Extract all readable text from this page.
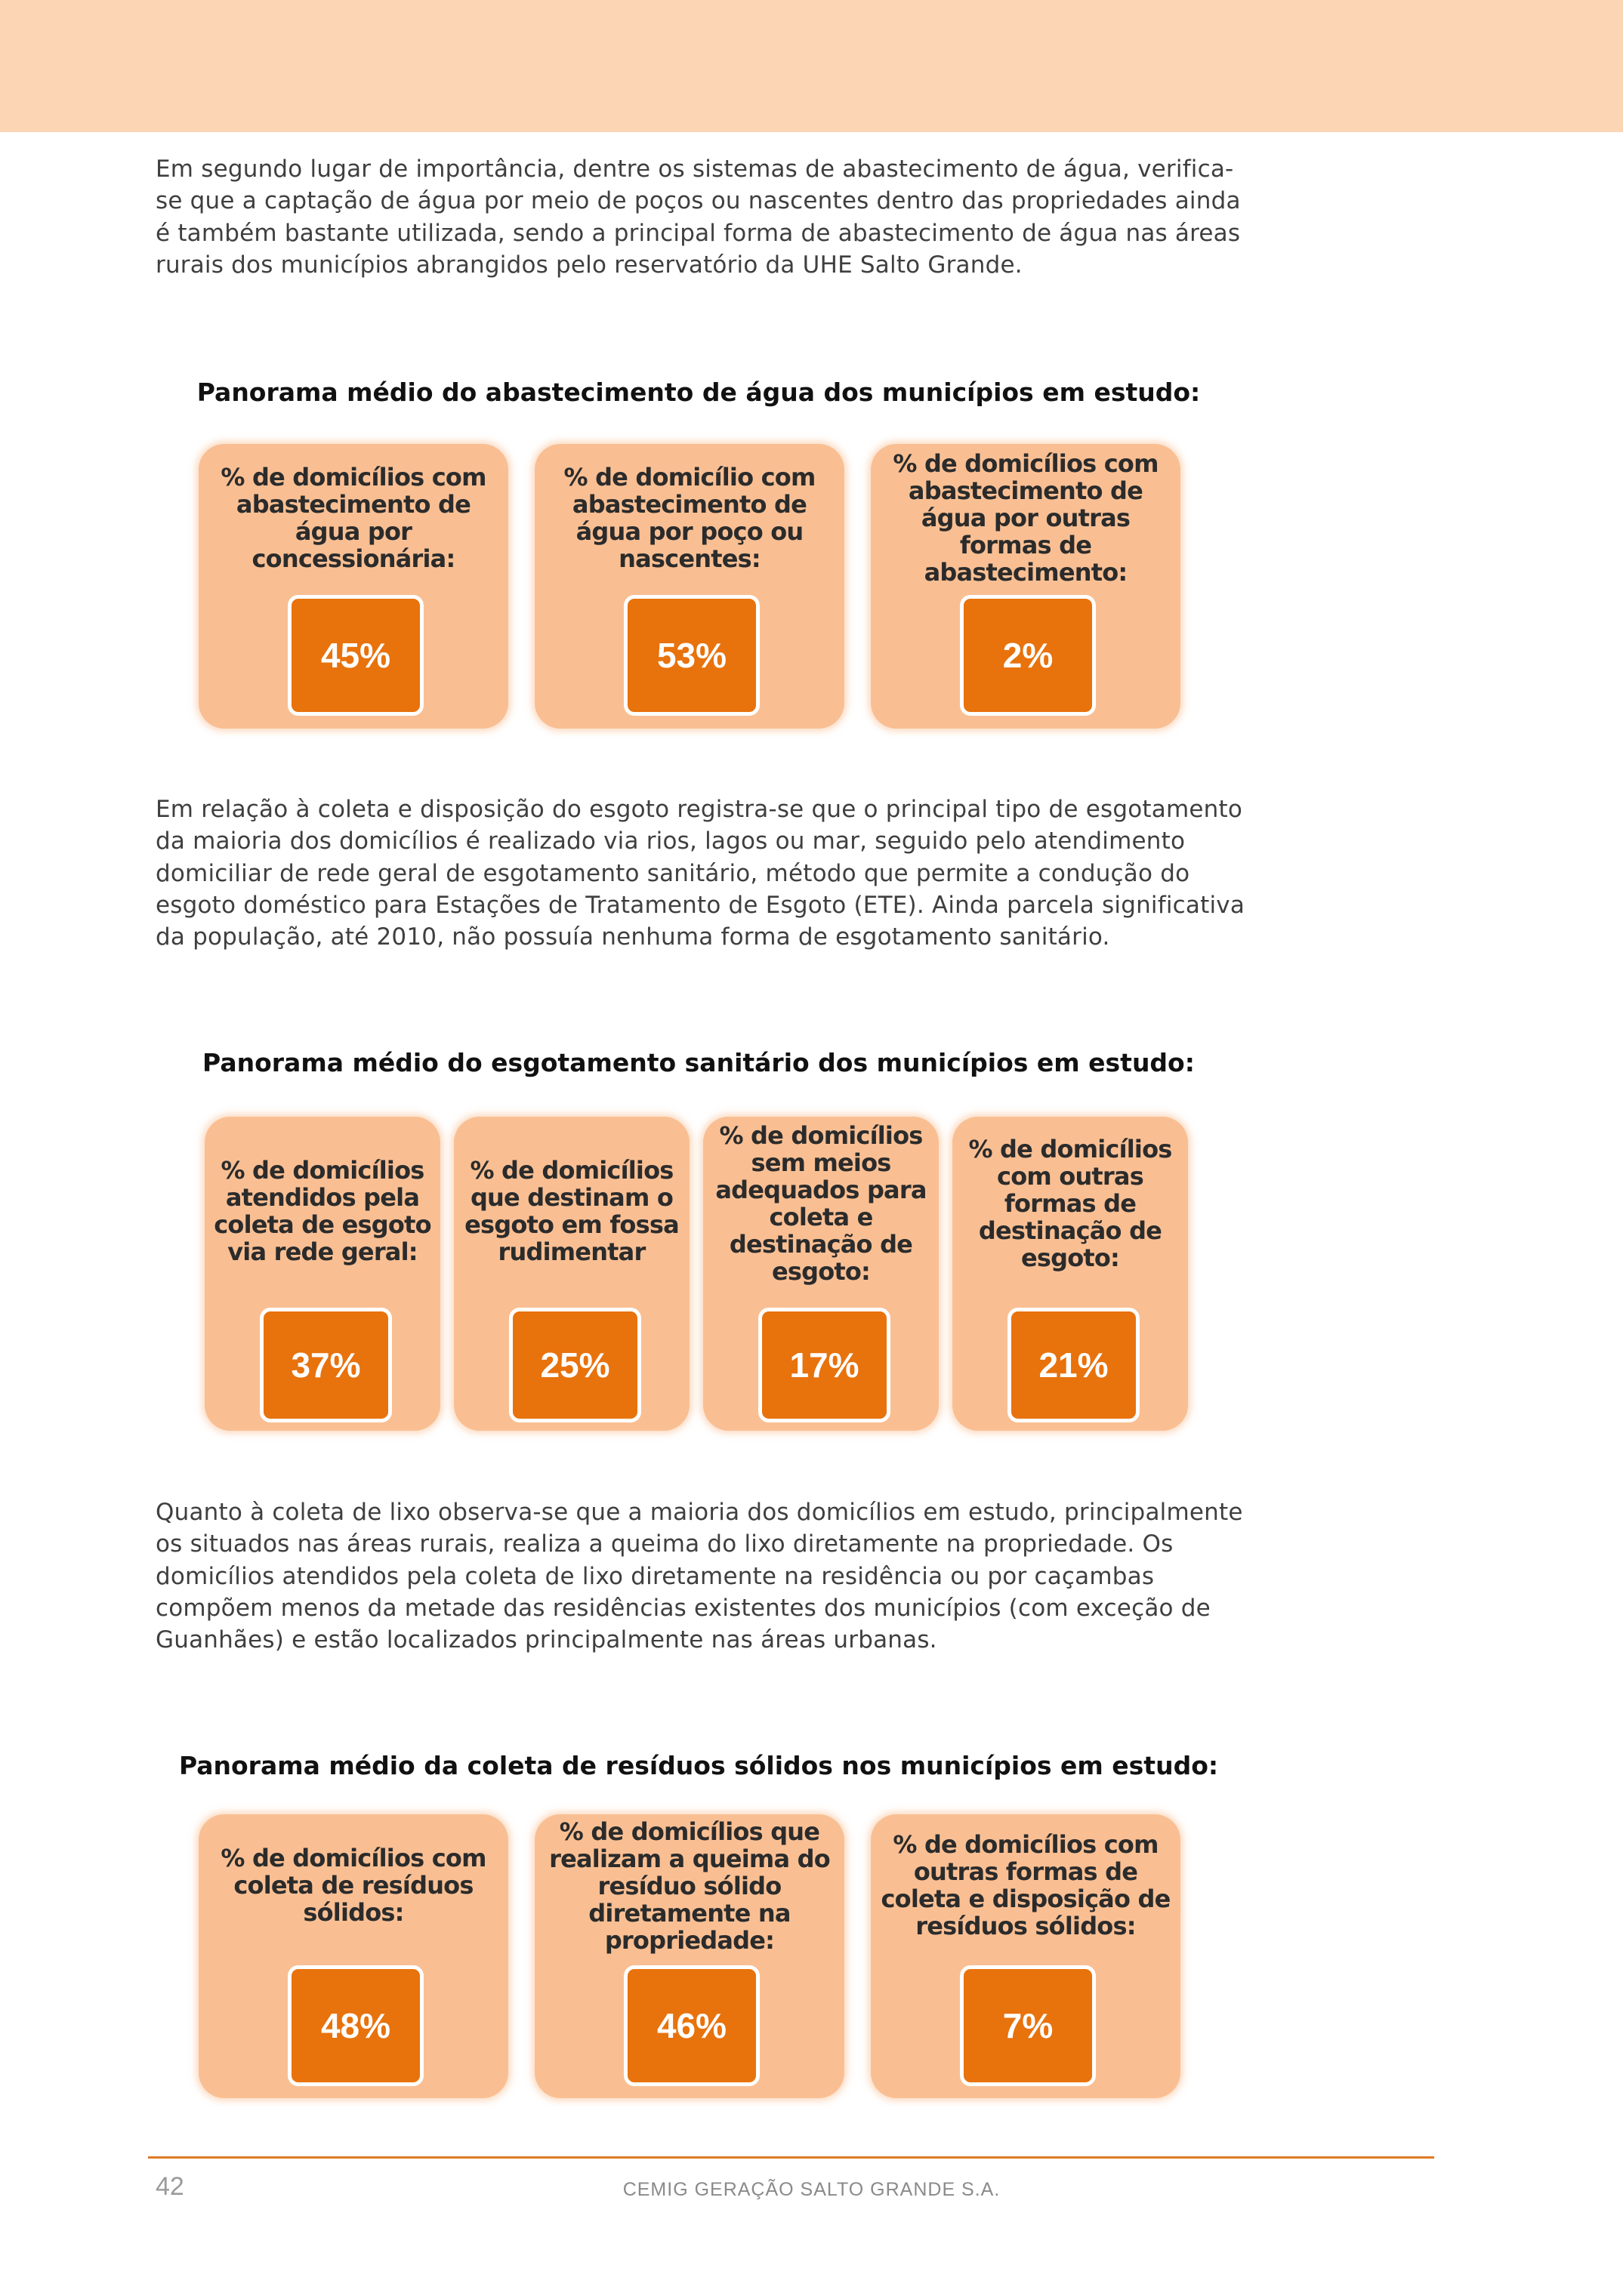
Em segundo lugar de importância, dentre os sistemas de abastecimento de água, verifica-se que a captação de água por meio de poços ou nascentes dentro das propriedades ainda é também bastante utilizada, sendo a principal forma de abastecimento de água nas áreas rurais dos municípios abrangidos pelo reservatório da UHE Salto Grande.

Panorama médio do abastecimento de água dos municípios em estudo:

% de domicílios com abastecimento de água por concessionária:
45%
% de domicílio com abastecimento de água por poço ou nascentes:
53%
% de domicílios com abastecimento de água por outras formas de abastecimento:
2%

Em relação à coleta e disposição do esgoto registra-se que o principal tipo de esgotamento da maioria dos domicílios é realizado via rios, lagos ou mar, seguido pelo atendimento domiciliar de rede geral de esgotamento sanitário, método que permite a condução do esgoto doméstico para Estações de Tratamento de Esgoto (ETE). Ainda parcela significativa da população, até 2010, não possuía nenhuma forma de esgotamento sanitário.

Panorama médio do esgotamento sanitário dos municípios em estudo:

% de domicílios atendidos pela coleta de esgoto via rede geral:
37%
% de domicílios que destinam o esgoto em fossa rudimentar
25%
% de domicílios sem meios adequados para coleta e destinação de esgoto:
17%
% de domicílios com outras formas de destinação de esgoto:
21%

Quanto à coleta de lixo observa-se que a maioria dos domicílios em estudo, principalmente os situados nas áreas rurais, realiza a queima do lixo diretamente na propriedade. Os domicílios atendidos pela coleta de lixo diretamente na residência ou por caçambas compõem menos da metade das residências existentes dos municípios (com exceção de Guanhães) e estão localizados principalmente nas áreas urbanas.

Panorama médio da coleta de resíduos sólidos nos municípios em estudo:

% de domicílios com coleta de resíduos sólidos:
48%
% de domicílios que realizam a queima do resíduo sólido diretamente na propriedade:
46%
% de domicílios com outras formas de coleta e disposição de resíduos sólidos:
7%
42	CEMIG GERAÇÃO SALTO GRANDE S.A.
